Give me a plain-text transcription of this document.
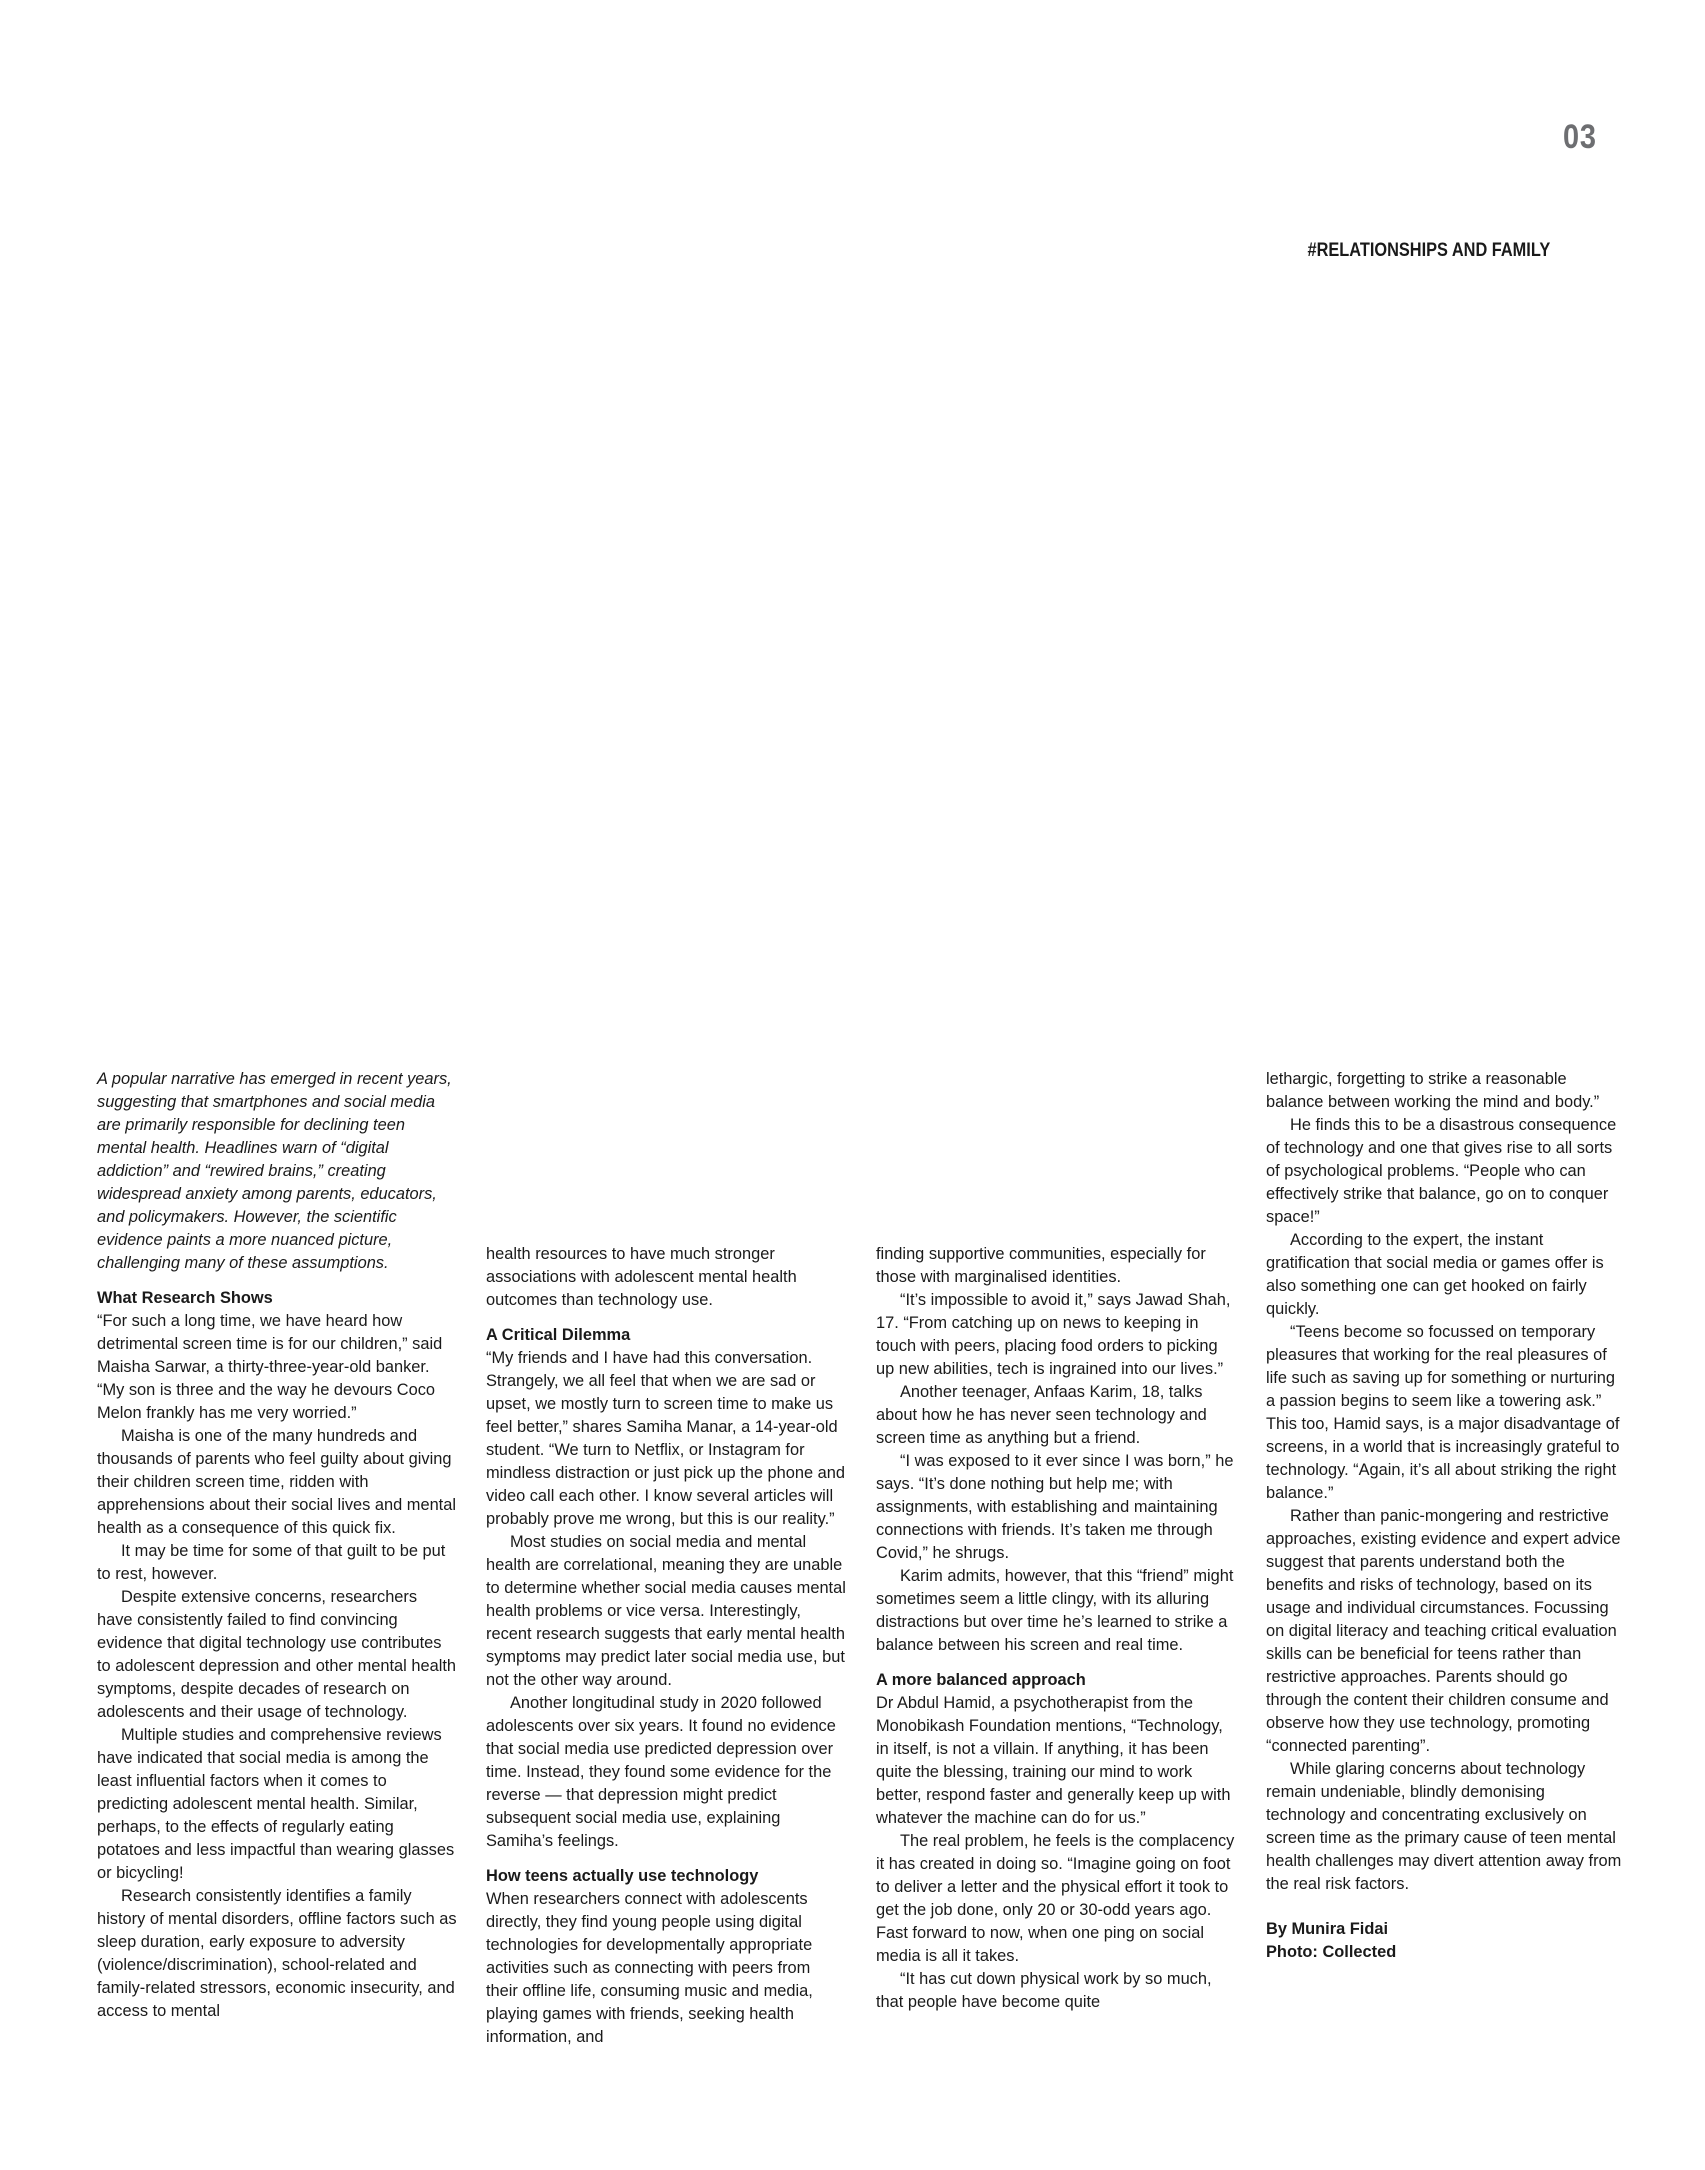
03
#RELATIONSHIPS AND FAMILY

A popular narrative has emerged in recent years, suggesting that smartphones and social media are primarily responsible for declining teen mental health. Headlines warn of “digital addiction” and “rewired brains,” creating widespread anxiety among parents, educators, and policymakers. However, the scientific evidence paints a more nuanced picture, challenging many of these assumptions.

What Research Shows

“For such a long time, we have heard how detrimental screen time is for our children,” said Maisha Sarwar, a thirty-three-year-old banker. “My son is three and the way he devours Coco Melon frankly has me very worried.”

Maisha is one of the many hundreds and thousands of parents who feel guilty about giving their children screen time, ridden with apprehensions about their social lives and mental health as a consequence of this quick fix.

It may be time for some of that guilt to be put to rest, however.

Despite extensive concerns, researchers have consistently failed to find convincing evidence that digital technology use contributes to adolescent depression and other mental health symptoms, despite decades of research on adolescents and their usage of technology.

Multiple studies and comprehensive reviews have indicated that social media is among the least influential factors when it comes to predicting adolescent mental health. Similar, perhaps, to the effects of regularly eating potatoes and less impactful than wearing glasses or bicycling!

Research consistently identifies a family history of mental disorders, offline factors such as sleep duration, early exposure to adversity (violence/discrimination), school-related and family-related stressors, economic insecurity, and access to mental

health resources to have much stronger associations with adolescent mental health outcomes than technology use.

A Critical Dilemma

“My friends and I have had this conversation. Strangely, we all feel that when we are sad or upset, we mostly turn to screen time to make us feel better,” shares Samiha Manar, a 14-year-old student. “We turn to Netflix, or Instagram for mindless distraction or just pick up the phone and video call each other. I know several articles will probably prove me wrong, but this is our reality.”

Most studies on social media and mental health are correlational, meaning they are unable to determine whether social media causes mental health problems or vice versa. Interestingly, recent research suggests that early mental health symptoms may predict later social media use, but not the other way around.

Another longitudinal study in 2020 followed adolescents over six years. It found no evidence that social media use predicted depression over time. Instead, they found some evidence for the reverse — that depression might predict subsequent social media use, explaining Samiha’s feelings.

How teens actually use technology

When researchers connect with adolescents directly, they find young people using digital technologies for developmentally appropriate activities such as connecting with peers from their offline life, consuming music and media, playing games with friends, seeking health information, and

finding supportive communities, especially for those with marginalised identities.

“It’s impossible to avoid it,” says Jawad Shah, 17. “From catching up on news to keeping in touch with peers, placing food orders to picking up new abilities, tech is ingrained into our lives.”

Another teenager, Anfaas Karim, 18, talks about how he has never seen technology and screen time as anything but a friend.

“I was exposed to it ever since I was born,” he says. “It’s done nothing but help me; with assignments, with establishing and maintaining connections with friends. It’s taken me through Covid,” he shrugs.

Karim admits, however, that this “friend” might sometimes seem a little clingy, with its alluring distractions but over time he’s learned to strike a balance between his screen and real time.

A more balanced approach

Dr Abdul Hamid, a psychotherapist from the Monobikash Foundation mentions, “Technology, in itself, is not a villain. If anything, it has been quite the blessing, training our mind to work better, respond faster and generally keep up with whatever the machine can do for us.”

The real problem, he feels is the complacency it has created in doing so. “Imagine going on foot to deliver a letter and the physical effort it took to get the job done, only 20 or 30-odd years ago. Fast forward to now, when one ping on social media is all it takes.

“It has cut down physical work by so much, that people have become quite

lethargic, forgetting to strike a reasonable balance between working the mind and body.”

He finds this to be a disastrous consequence of technology and one that gives rise to all sorts of psychological problems. “People who can effectively strike that balance, go on to conquer space!”

According to the expert, the instant gratification that social media or games offer is also something one can get hooked on fairly quickly.

“Teens become so focussed on temporary pleasures that working for the real pleasures of life such as saving up for something or nurturing a passion begins to seem like a towering ask.” This too, Hamid says, is a major disadvantage of screens, in a world that is increasingly grateful to technology. “Again, it’s all about striking the right balance.”

Rather than panic-mongering and restrictive approaches, existing evidence and expert advice suggest that parents understand both the benefits and risks of technology, based on its usage and individual circumstances. Focussing on digital literacy and teaching critical evaluation skills can be beneficial for teens rather than restrictive approaches. Parents should go through the content their children consume and observe how they use technology, promoting “connected parenting”.

While glaring concerns about technology remain undeniable, blindly demonising technology and concentrating exclusively on screen time as the primary cause of teen mental health challenges may divert attention away from the real risk factors.

By Munira Fidai
Photo: Collected
